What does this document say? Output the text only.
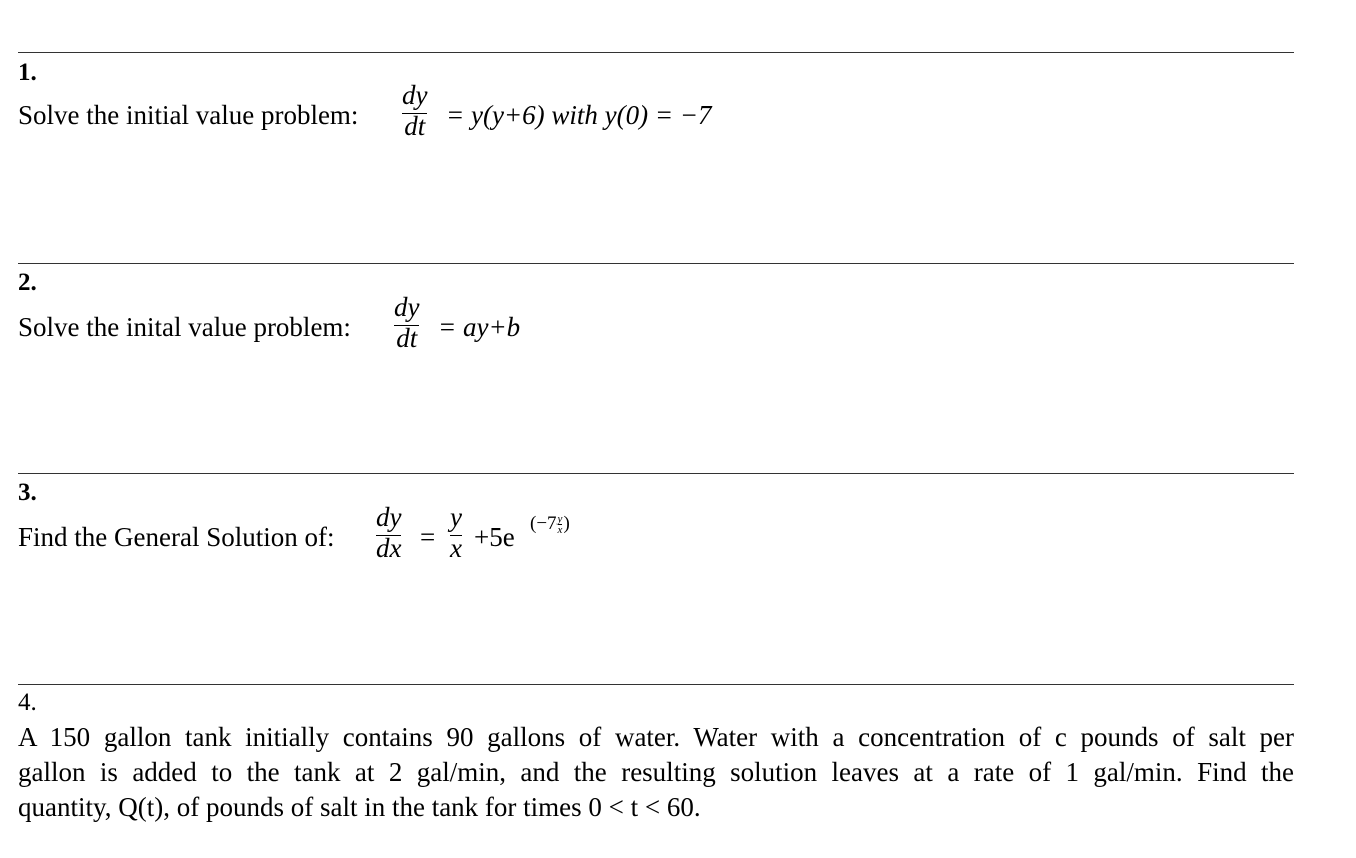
1.
Solve the initial value problem:
dy
dt = y(y+6) with y(0) = −7
2.
Solve the inital value problem:
dy
dt = ay+b
3.
Find the General Solution of:
dy
dx =
y
x +5e ($-7 \frac{y}{x}$ )
4.
A 150 gallon tank initially contains 90 gallons of water. Water with a concentration of c pounds of salt per
gallon is added to the tank at 2 gal/min, and the resulting solution leaves at a rate of 1 gal/min. Find the
quantity, Q(t), of pounds of salt in the tank for times 0 < t < 60.
